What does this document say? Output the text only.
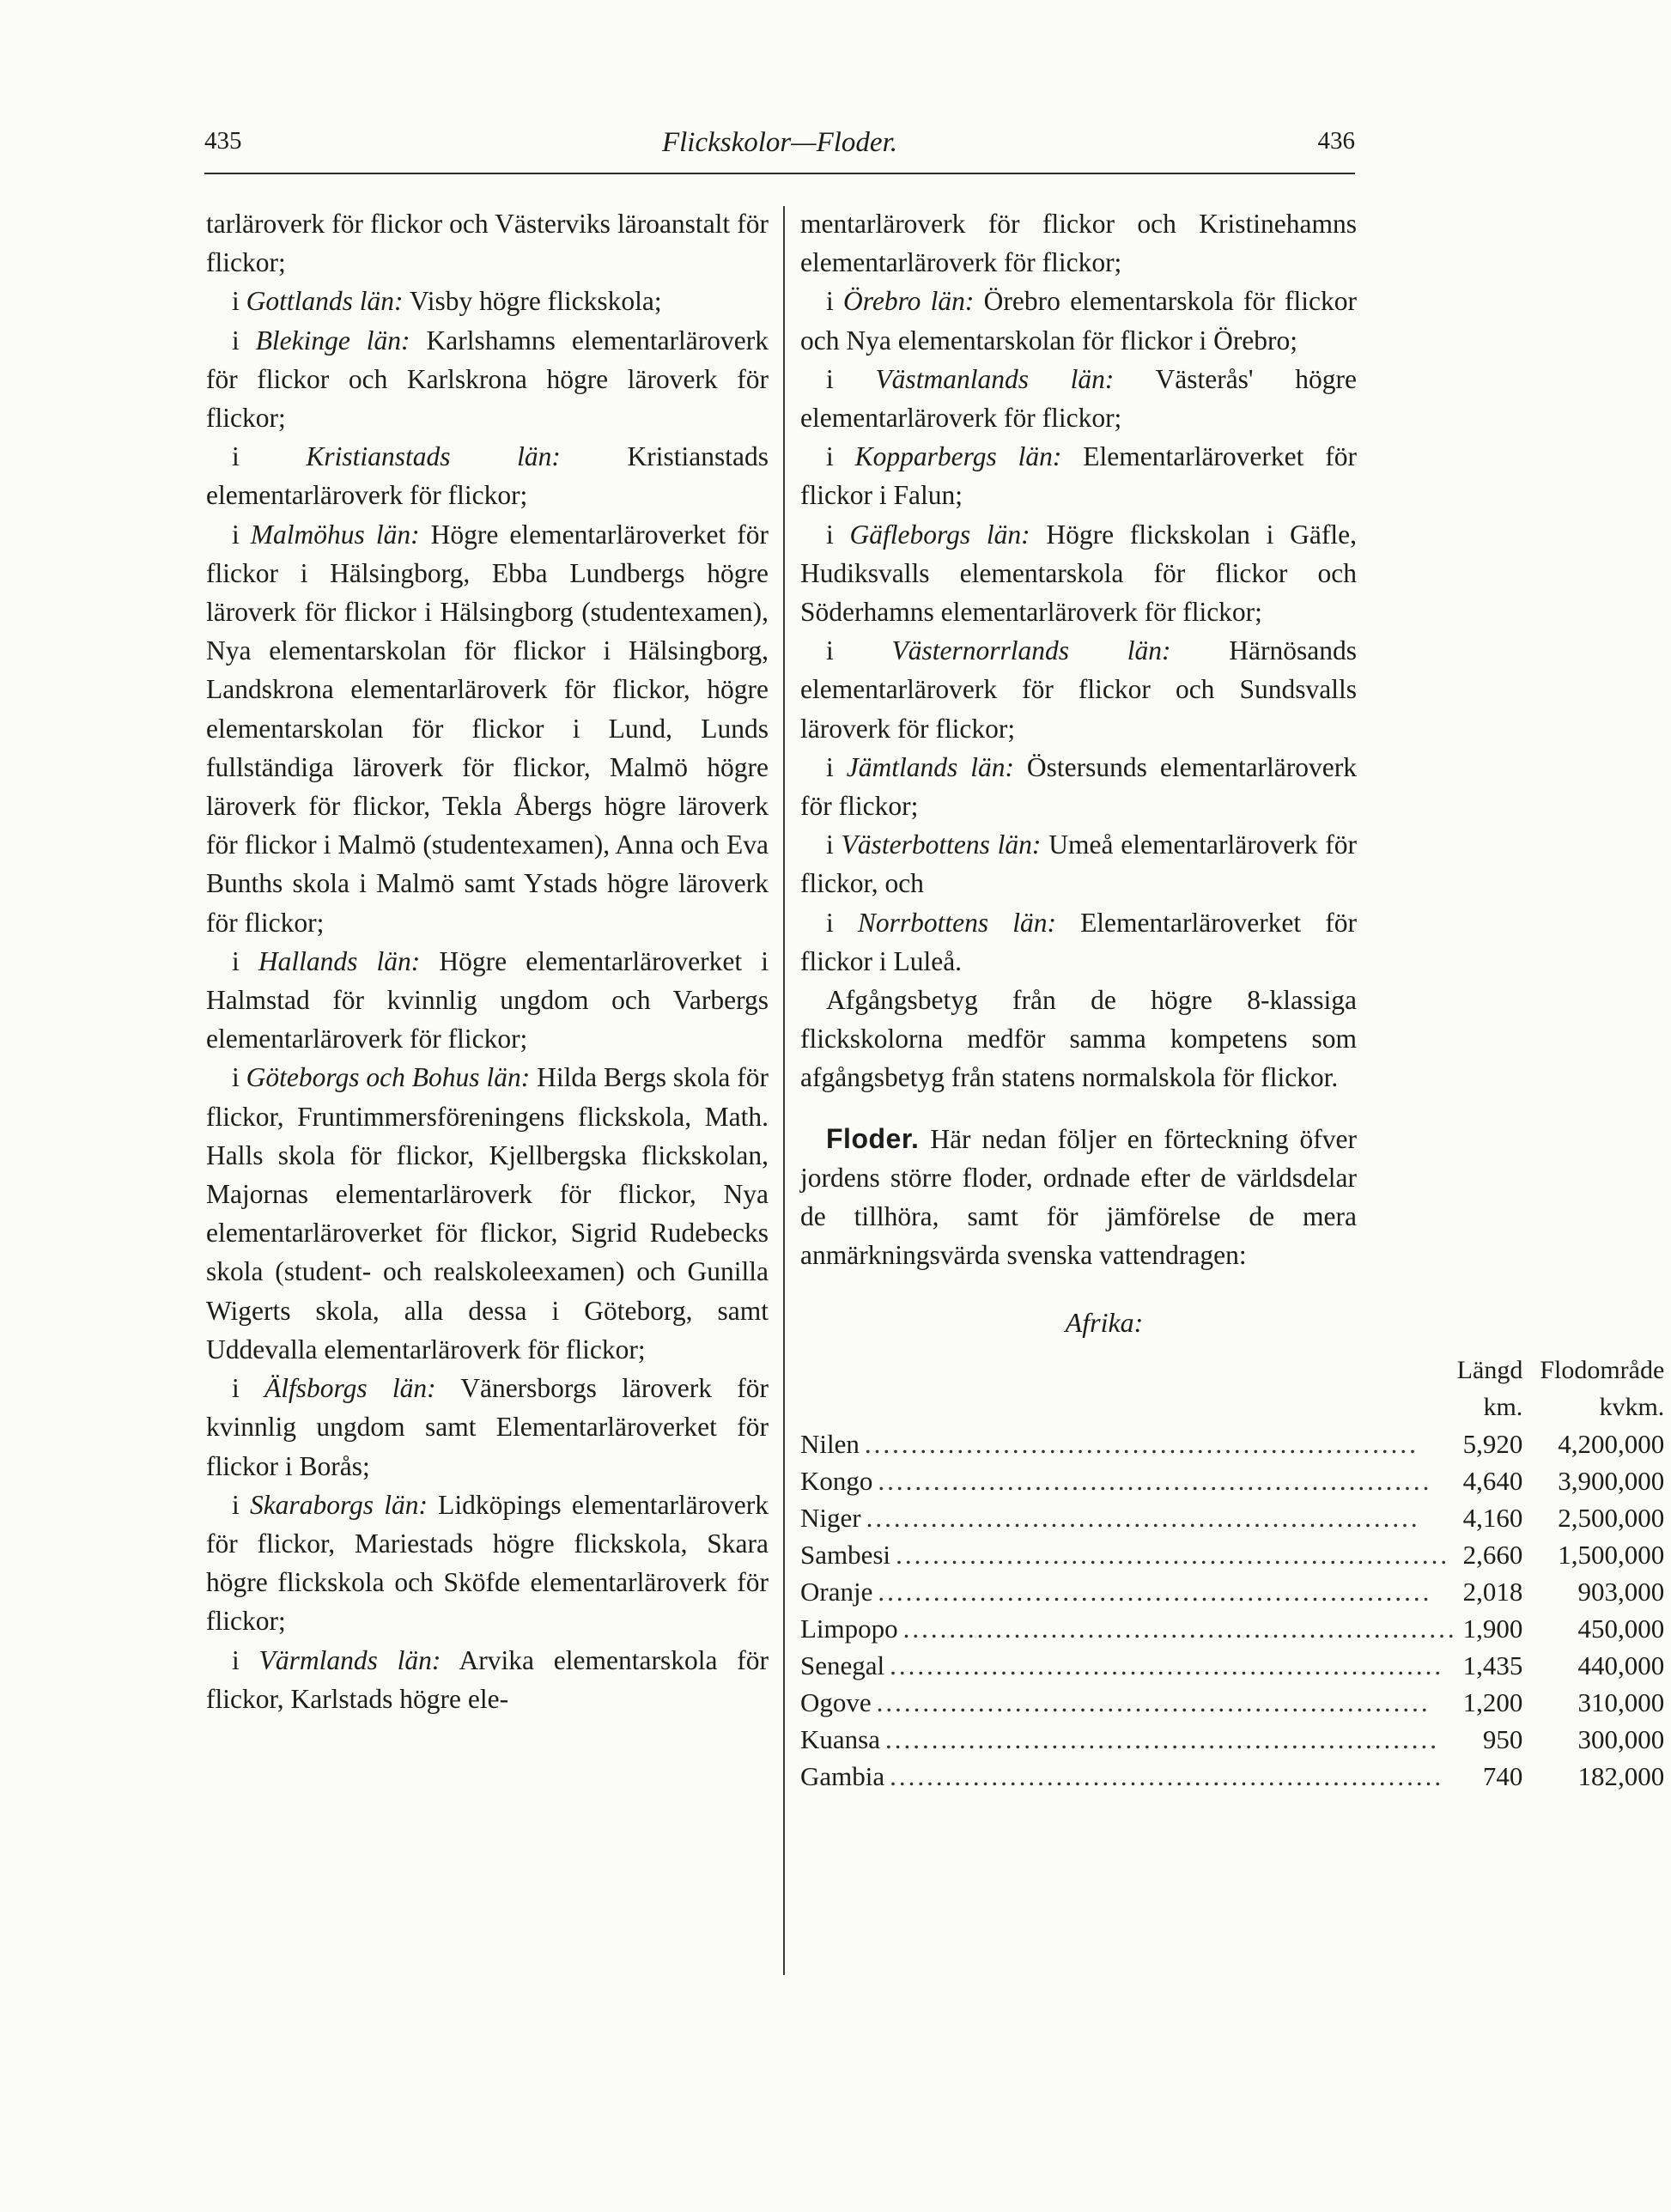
435	Flickskolor—Floder.	436

tarläroverk för flickor och Västerviks läroanstalt för flickor;

i Gottlands län: Visby högre flickskola;

i Blekinge län: Karlshamns elementarläroverk för flickor och Karlskrona högre läroverk för flickor;

i Kristianstads län: Kristianstads elementarläroverk för flickor;

i Malmöhus län: Högre elementarläroverket för flickor i Hälsingborg, Ebba Lundbergs högre läroverk för flickor i Hälsingborg (studentexamen), Nya elementarskolan för flickor i Hälsingborg, Landskrona elementarläroverk för flickor, högre elementarskolan för flickor i Lund, Lunds fullständiga läroverk för flickor, Malmö högre läroverk för flickor, Tekla Åbergs högre läroverk för flickor i Malmö (studentexamen), Anna och Eva Bunths skola i Malmö samt Ystads högre läroverk för flickor;

i Hallands län: Högre elementarläroverket i Halmstad för kvinnlig ungdom och Varbergs elementarläroverk för flickor;

i Göteborgs och Bohus län: Hilda Bergs skola för flickor, Fruntimmersföreningens flickskola, Math. Halls skola för flickor, Kjellbergska flickskolan, Majornas elementarläroverk för flickor, Nya elementarläroverket för flickor, Sigrid Rudebecks skola (student- och realskoleexamen) och Gunilla Wigerts skola, alla dessa i Göteborg, samt Uddevalla elementarläroverk för flickor;

i Älfsborgs län: Vänersborgs läroverk för kvinnlig ungdom samt Elementarläroverket för flickor i Borås;

i Skaraborgs län: Lidköpings elementarläroverk för flickor, Mariestads högre flickskola, Skara högre flickskola och Sköfde elementarläroverk för flickor;

i Värmlands län: Arvika elementarskola för flickor, Karlstads högre ele-

mentarläroverk för flickor och Kristinehamns elementarläroverk för flickor;

i Örebro län: Örebro elementarskola för flickor och Nya elementarskolan för flickor i Örebro;

i Västmanlands län: Västerås' högre elementarläroverk för flickor;

i Kopparbergs län: Elementarläroverket för flickor i Falun;

i Gäfleborgs län: Högre flickskolan i Gäfle, Hudiksvalls elementarskola för flickor och Söderhamns elementarläroverk för flickor;

i Västernorrlands län: Härnösands elementarläroverk för flickor och Sundsvalls läroverk för flickor;

i Jämtlands län: Östersunds elementarläroverk för flickor;

i Västerbottens län: Umeå elementarläroverk för flickor, och

i Norrbottens län: Elementarläroverket för flickor i Luleå.

Afgångsbetyg från de högre 8-klassiga flickskolorna medför samma kompetens som afgångsbetyg från statens normalskola för flickor.

Floder. Här nedan följer en förteckning öfver jordens större floder, ordnade efter de världsdelar de tillhöra, samt för jämförelse de mera anmärkningsvärda svenska vattendragen:

Afrika:
	Längd	Flodområde
	km.	kvkm.
Nilen ............................................................	5,920	4,200,000
Kongo ............................................................	4,640	3,900,000
Niger ............................................................	4,160	2,500,000
Sambesi ............................................................	2,660	1,500,000
Oranje ............................................................	2,018	903,000
Limpopo ............................................................	1,900	450,000
Senegal ............................................................	1,435	440,000
Ogove ............................................................	1,200	310,000
Kuansa ............................................................	950	300,000
Gambia ............................................................	740	182,000
